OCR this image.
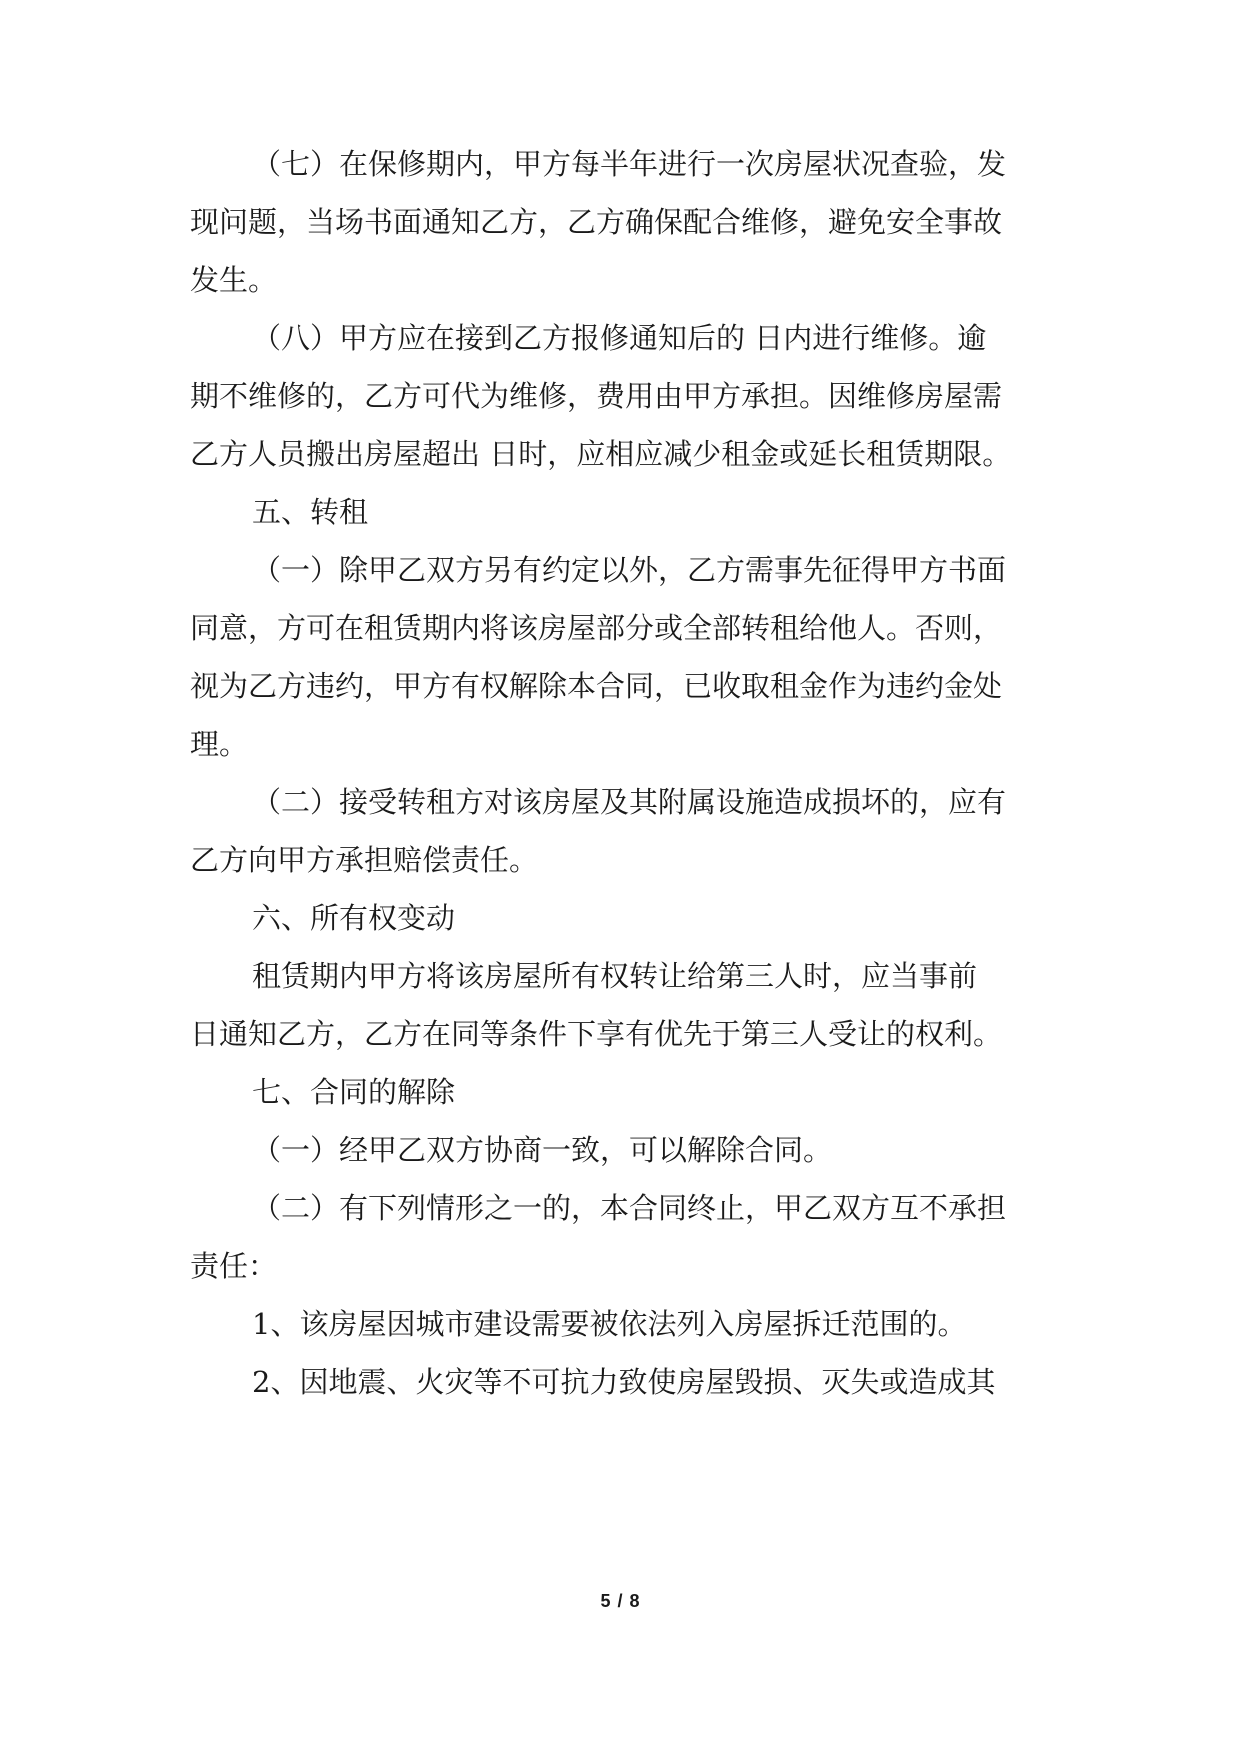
（七）在保修期内，甲方每半年进行一次房屋状况查验，发
现问题，当场书面通知乙方，乙方确保配合维修，避免安全事故
发生。
（八）甲方应在接到乙方报修通知后的 日内进行维修。逾
期不维修的，乙方可代为维修，费用由甲方承担。因维修房屋需
乙方人员搬出房屋超出 日时，应相应减少租金或延长租赁期限。
五、转租
（一）除甲乙双方另有约定以外，乙方需事先征得甲方书面
同意，方可在租赁期内将该房屋部分或全部转租给他人。否则，
视为乙方违约，甲方有权解除本合同，已收取租金作为违约金处
理。
（二）接受转租方对该房屋及其附属设施造成损坏的，应有
乙方向甲方承担赔偿责任。
六、所有权变动
租赁期内甲方将该房屋所有权转让给第三人时，应当事前
日通知乙方，乙方在同等条件下享有优先于第三人受让的权利。
七、合同的解除
（一）经甲乙双方协商一致，可以解除合同。
（二）有下列情形之一的，本合同终止，甲乙双方互不承担
责任：
1、该房屋因城市建设需要被依法列入房屋拆迁范围的。
2、因地震、火灾等不可抗力致使房屋毁损、灭失或造成其
5 / 8
